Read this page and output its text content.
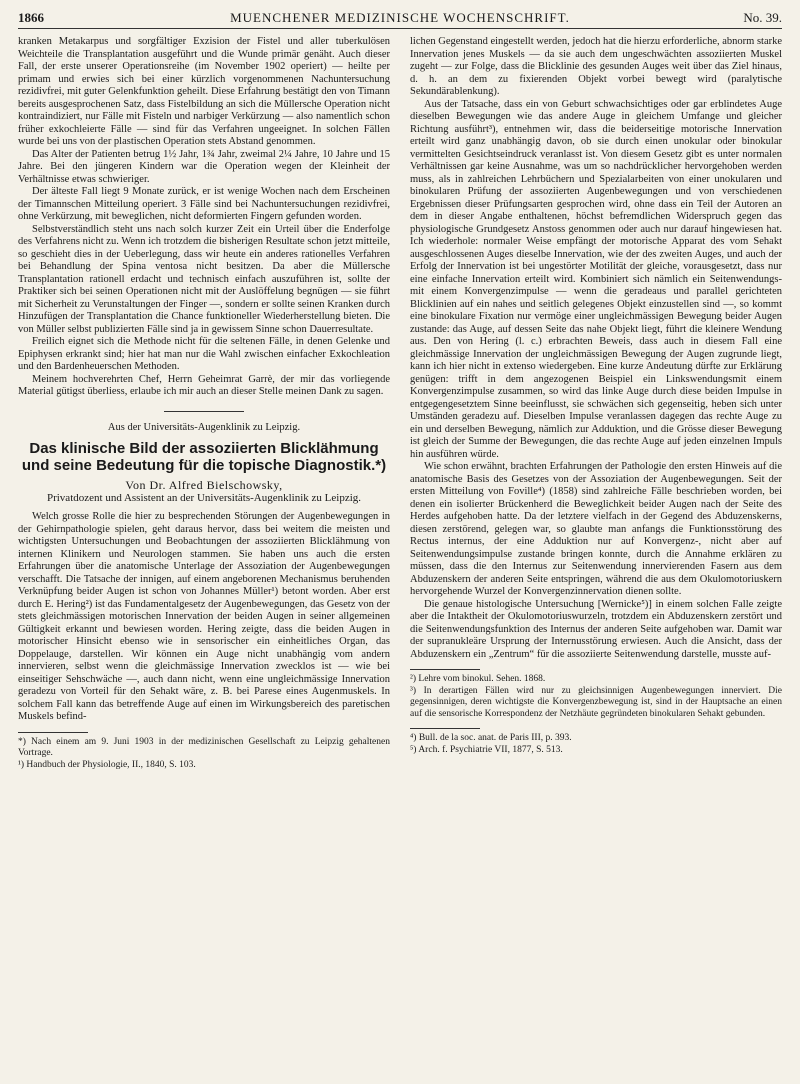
1866	MUENCHENER MEDIZINISCHE WOCHENSCHRIFT.	No. 39.

kranken Metakarpus und sorgfältiger Exzision der Fistel und aller tuberkulösen Weichteile die Transplantation ausgeführt und die Wunde primär genäht. Auch dieser Fall, der erste unserer Operationsreihe (im November 1902 operiert) — heilte per primam und erwies sich bei einer kürzlich vorgenommenen Nachuntersuchung rezidivfrei, mit guter Gelenkfunktion geheilt. Diese Erfahrung bestätigt den von Timann bereits ausgesprochenen Satz, dass Fistelbildung an sich die Müllersche Operation nicht kontraindiziert, nur Fälle mit Fisteln und narbiger Verkürzung — also namentlich schon früher exkochleierte Fälle — sind für das Verfahren ungeeignet. In solchen Fällen wurde bei uns von der plastischen Operation stets Abstand genommen.

Das Alter der Patienten betrug 1½ Jahr, 1¾ Jahr, zweimal 2¼ Jahre, 10 Jahre und 15 Jahre. Bei den jüngeren Kindern war die Operation wegen der Kleinheit der Verhältnisse etwas schwieriger.

Der älteste Fall liegt 9 Monate zurück, er ist wenige Wochen nach dem Erscheinen der Timannschen Mitteilung operiert. 3 Fälle sind bei Nachuntersuchungen rezidivfrei, ohne Verkürzung, mit beweglichen, nicht deformierten Fingern gefunden worden.

Selbstverständlich steht uns nach solch kurzer Zeit ein Urteil über die Enderfolge des Verfahrens nicht zu. Wenn ich trotzdem die bisherigen Resultate schon jetzt mitteile, so geschieht dies in der Ueberlegung, dass wir heute ein anderes rationelles Verfahren bei Behandlung der Spina ventosa nicht besitzen. Da aber die Müllersche Transplantation rationell erdacht und technisch einfach auszuführen ist, sollte der Praktiker sich bei seinen Operationen nicht mit der Auslöffelung begnügen — sie führt mit Sicherheit zu Verunstaltungen der Finger —, sondern er sollte seinen Kranken durch Hinzufügen der Transplantation die Chance funktioneller Wiederherstellung bieten. Die von Müller selbst publizierten Fälle sind ja in gewissem Sinne schon Dauerresultate.

Freilich eignet sich die Methode nicht für die seltenen Fälle, in denen Gelenke und Epiphysen erkrankt sind; hier hat man nur die Wahl zwischen einfacher Exkochleation und den Bardenheuerschen Methoden.

Meinem hochverehrten Chef, Herrn Geheimrat Garrè, der mir das vorliegende Material gütigst überliess, erlaube ich mir auch an dieser Stelle meinen Dank zu sagen.

Aus der Universitäts-Augenklinik zu Leipzig.
Das klinische Bild der assoziierten Blicklähmung und seine Bedeutung für die topische Diagnostik.*)
Von Dr. Alfred Bielschowsky,
Privatdozent und Assistent an der Universitäts-Augenklinik zu Leipzig.

Welch grosse Rolle die hier zu besprechenden Störungen der Augenbewegungen in der Gehirnpathologie spielen, geht daraus hervor, dass bei weitem die meisten und wichtigsten Untersuchungen und Beobachtungen der assoziierten Blicklähmung von internen Klinikern und Neurologen stammen. Sie haben uns auch die ersten Erfahrungen über die anatomische Unterlage der Assoziation der Augenbewegungen verschafft. Die Tatsache der innigen, auf einem angeborenen Mechanismus beruhenden Verknüpfung beider Augen ist schon von Johannes Müller¹) betont worden. Aber erst durch E. Hering²) ist das Fundamentalgesetz der Augenbewegungen, das Gesetz von der stets gleichmässigen motorischen Innervation der beiden Augen in seiner allgemeinen Gültigkeit erkannt und bewiesen worden. Hering zeigte, dass die beiden Augen in motorischer Hinsicht ebenso wie in sensorischer ein einheitliches Organ, das Doppelauge, darstellen. Wir können ein Auge nicht unabhängig vom andern innervieren, selbst wenn die gleichmässige Innervation zwecklos ist — wie bei einseitiger Sehschwäche —, auch dann nicht, wenn eine ungleichmässige Innervation geradezu von Vorteil für den Sehakt wäre, z. B. bei Parese eines Augenmuskels. In solchem Fall kann das betreffende Auge auf einen im Wirkungsbereich des paretischen Muskels befind-

*) Nach einem am 9. Juni 1903 in der medizinischen Gesellschaft zu Leipzig gehaltenen Vortrage.

¹) Handbuch der Physiologie, II., 1840, S. 103.

lichen Gegenstand eingestellt werden, jedoch hat die hierzu erforderliche, abnorm starke Innervation jenes Muskels — da sie auch dem ungeschwächten assoziierten Muskel zugeht — zur Folge, dass die Blicklinie des gesunden Auges weit über das Ziel hinaus, d. h. an dem zu fixierenden Objekt vorbei bewegt wird (paralytische Sekundärablenkung).

Aus der Tatsache, dass ein von Geburt schwachsichtiges oder gar erblindetes Auge dieselben Bewegungen wie das andere Auge in gleichem Umfange und gleicher Richtung ausführt³), entnehmen wir, dass die beiderseitige motorische Innervation erteilt wird ganz unabhängig davon, ob sie durch einen unokular oder binokular vermittelten Gesichtseindruck veranlasst ist. Von diesem Gesetz gibt es unter normalen Verhältnissen gar keine Ausnahme, was um so nachdrücklicher hervorgehoben werden muss, als in zahlreichen Lehrbüchern und Spezialarbeiten von einer unokularen und binokularen Prüfung der assoziierten Augenbewegungen und von verschiedenen Ergebnissen dieser Prüfungsarten gesprochen wird, ohne dass ein Teil der Autoren an dem in dieser Angabe enthaltenen, höchst befremdlichen Widerspruch gegen das physiologische Grundgesetz Anstoss genommen oder auch nur darauf hingewiesen hat. Ich wiederhole: normaler Weise empfängt der motorische Apparat des vom Sehakt ausgeschlossenen Auges dieselbe Innervation, wie der des zweiten Auges, und auch der Erfolg der Innervation ist bei ungestörter Motilität der gleiche, vorausgesetzt, dass nur eine einfache Innervation erteilt wird. Kombiniert sich nämlich ein Seitenwendungs- mit einem Konvergenzimpulse — wenn die geradeaus und parallel gerichteten Blicklinien auf ein nahes und seitlich gelegenes Objekt einzustellen sind —, so kommt eine binokulare Fixation nur vermöge einer ungleichmässigen Bewegung beider Augen zustande: das Auge, auf dessen Seite das nahe Objekt liegt, führt die kleinere Wendung aus. Den von Hering (l. c.) erbrachten Beweis, dass auch in diesem Fall eine gleichmässige Innervation der ungleichmässigen Bewegung der Augen zugrunde liegt, kann ich hier nicht in extenso wiedergeben. Eine kurze Andeutung dürfte zur Erklärung genügen: trifft in dem angezogenen Beispiel ein Linkswendungsmit einem Konvergenzimpulse zusammen, so wird das linke Auge durch diese beiden Impulse in entgegengesetztem Sinne beeinflusst, sie schwächen sich gegenseitig, heben sich unter Umständen geradezu auf. Dieselben Impulse veranlassen dagegen das rechte Auge zu ein und derselben Bewegung, nämlich zur Adduktion, und die Grösse dieser Bewegung ist gleich der Summe der Bewegungen, die das rechte Auge auf jeden einzelnen Impuls hin ausführen würde.

Wie schon erwähnt, brachten Erfahrungen der Pathologie den ersten Hinweis auf die anatomische Basis des Gesetzes von der Assoziation der Augenbewegungen. Seit der ersten Mitteilung von Foville⁴) (1858) sind zahlreiche Fälle beschrieben worden, bei denen ein isolierter Brückenherd die Beweglichkeit beider Augen nach der Seite des Herdes aufgehoben hatte. Da der letztere vielfach in der Gegend des Abduzenskerns, diesen zerstörend, gelegen war, so glaubte man anfangs die Funktionsstörung des Rectus internus, der eine Adduktion nur auf Konvergenz-, nicht aber auf Seitenwendungsimpulse zustande bringen konnte, durch die Annahme erklären zu müssen, dass die den Internus zur Seitenwendung innervierenden Fasern aus dem Abduzenskern der anderen Seite entspringen, während die aus dem Okulomotoriuskern hervorgehende Wurzel der Konvergenzinnervation dienen sollte.

Die genaue histologische Untersuchung [Wernicke⁵)] in einem solchen Falle zeigte aber die Intaktheit der Okulomotoriuswurzeln, trotzdem ein Abduzenskern zerstört und die Seitenwendungsfunktion des Internus der anderen Seite aufgehoben war. Damit war der supranukleäre Ursprung der Internusstörung erwiesen. Auch die Ansicht, dass der Abduzenskern ein „Zentrum“ für die assoziierte Seitenwendung darstelle, musste auf-

²) Lehre vom binokul. Sehen. 1868.

³) In derartigen Fällen wird nur zu gleichsinnigen Augenbewegungen innerviert. Die gegensinnigen, deren wichtigste die Konvergenzbewegung ist, sind in der Hauptsache an einen auf die sensorische Korrespondenz der Netzhäute gegründeten binokularen Sehakt gebunden.

⁴) Bull. de la soc. anat. de Paris III, p. 393.

⁵) Arch. f. Psychiatrie VII, 1877, S. 513.
